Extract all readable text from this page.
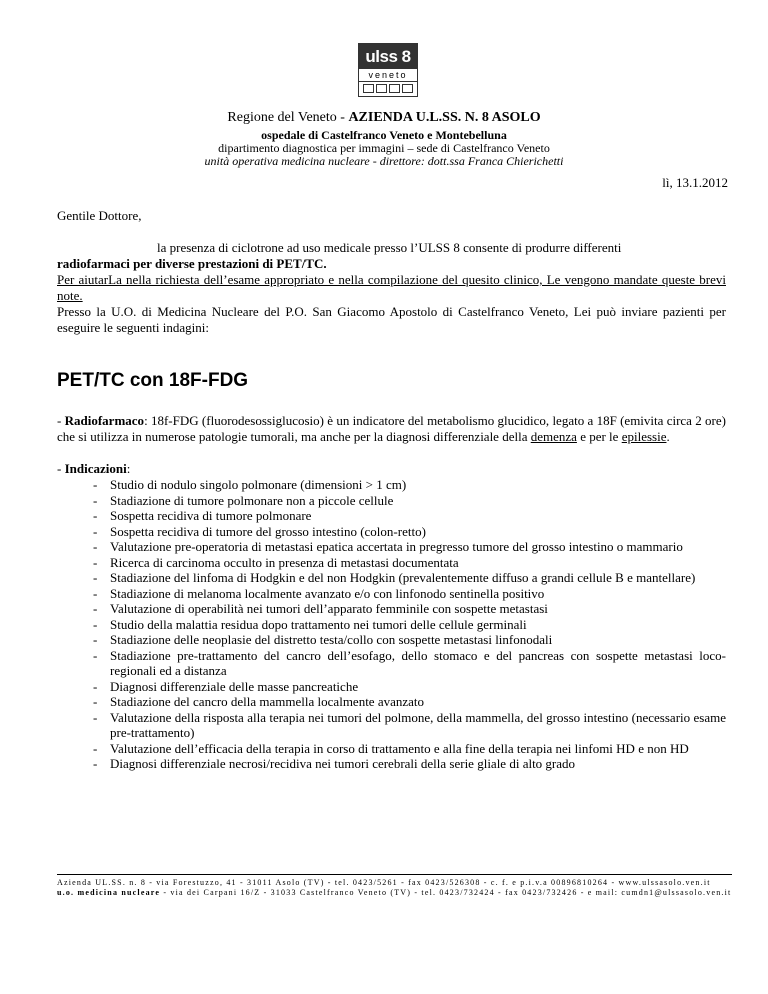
ulss 8
veneto
Regione del Veneto - AZIENDA U.L.SS. N. 8 ASOLO
ospedale di Castelfranco Veneto e Montebelluna
dipartimento diagnostica per immagini – sede di Castelfranco Veneto
unità operativa medicina nucleare - direttore: dott.ssa Franca Chierichetti
lì, 13.1.2012
Gentile Dottore,
la presenza di ciclotrone ad uso medicale presso l’ULSS 8 consente di produrre differenti
radiofarmaci per diverse prestazioni di PET/TC.
Per aiutarLa nella richiesta dell’esame appropriato e nella compilazione del quesito clinico, Le vengono mandate queste brevi note.
Presso la U.O. di Medicina Nucleare del P.O. San Giacomo Apostolo di Castelfranco Veneto, Lei può inviare pazienti per eseguire le seguenti indagini:
PET/TC con 18F-FDG
- Radiofarmaco: 18f-FDG (fluorodesossiglucosio) è un indicatore del metabolismo glucidico, legato a 18F (emivita circa 2 ore) che si utilizza in numerose patologie tumorali, ma anche per la diagnosi differenziale della demenza e per le epilessie.
- Indicazioni:
- Studio di nodulo singolo polmonare (dimensioni > 1 cm)
- Stadiazione di tumore polmonare non a piccole cellule
- Sospetta recidiva di tumore polmonare
- Sospetta recidiva di tumore del grosso intestino (colon-retto)
- Valutazione pre-operatoria di metastasi epatica accertata in pregresso tumore del grosso intestino o mammario
- Ricerca di carcinoma occulto in presenza di metastasi documentata
- Stadiazione del linfoma di Hodgkin e del non Hodgkin (prevalentemente diffuso a grandi cellule B e mantellare)
- Stadiazione di melanoma localmente avanzato e/o con linfonodo sentinella positivo
- Valutazione di operabilità nei tumori dell’apparato femminile con sospette metastasi
- Studio della malattia residua dopo trattamento nei tumori delle cellule germinali
- Stadiazione delle neoplasie del distretto testa/collo con sospette metastasi linfonodali
- Stadiazione pre-trattamento del cancro dell’esofago, dello stomaco e del pancreas con sospette metastasi loco-regionali ed a distanza
- Diagnosi differenziale delle masse pancreatiche
- Stadiazione del cancro della mammella localmente avanzato
- Valutazione della risposta alla terapia nei tumori del polmone, della mammella, del grosso intestino (necessario esame pre-trattamento)
- Valutazione dell’efficacia della terapia in corso di trattamento e alla fine della terapia nei linfomi HD e non HD
- Diagnosi differenziale necrosi/recidiva nei tumori cerebrali della serie gliale di alto grado
Azienda UL.SS. n. 8 - via Forestuzzo, 41 - 31011 Asolo (TV) - tel. 0423/5261 - fax 0423/526308 - c. f. e p.i.v.a 00896810264 - www.ulssasolo.ven.it
u.o. medicina nucleare - via dei Carpani 16/Z - 31033 Castelfranco Veneto (TV) - tel. 0423/732424 - fax 0423/732426 - e mail: cumdn1@ulssasolo.ven.it
